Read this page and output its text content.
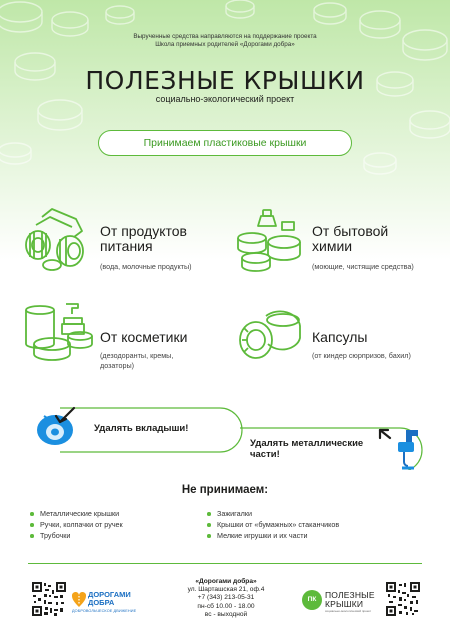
Вырученные средства направляются на поддержание проекта
Школа приемных родителей «Дорогами добра»
ПОЛЕЗНЫЕ КРЫШКИ
социально-экологический проект
Принимаем пластиковые крышки
От продуктов
питания
(вода, молочные продукты)
От бытовой
химии
(моющие, чистящие средства)
От косметики
(дезодоранты, кремы,
дозаторы)
Капсулы
(от киндер сюрпризов, бахил)
Удалять вкладыши!
Удалять металлические
части!
Не принимаем:
Металлические крышки
Ручки, колпачки от ручек
Трубочки
Зажигалки
Крышки от «бумажных» стаканчиков
Мелкие игрушки и их части
ДОРОГАМИ
ДОБРА
ДОБРОВОЛЬЧЕСКОЕ ДВИЖЕНИЕ
«Дорогами добра»
ул. Шарташская 21, оф.4
+7 (343) 213-05-31
пн-сб 10.00 - 18.00
вс - выходной
ПК	ПОЛЕЗНЫЕ
КРЫШКИ
социально-экологический проект
